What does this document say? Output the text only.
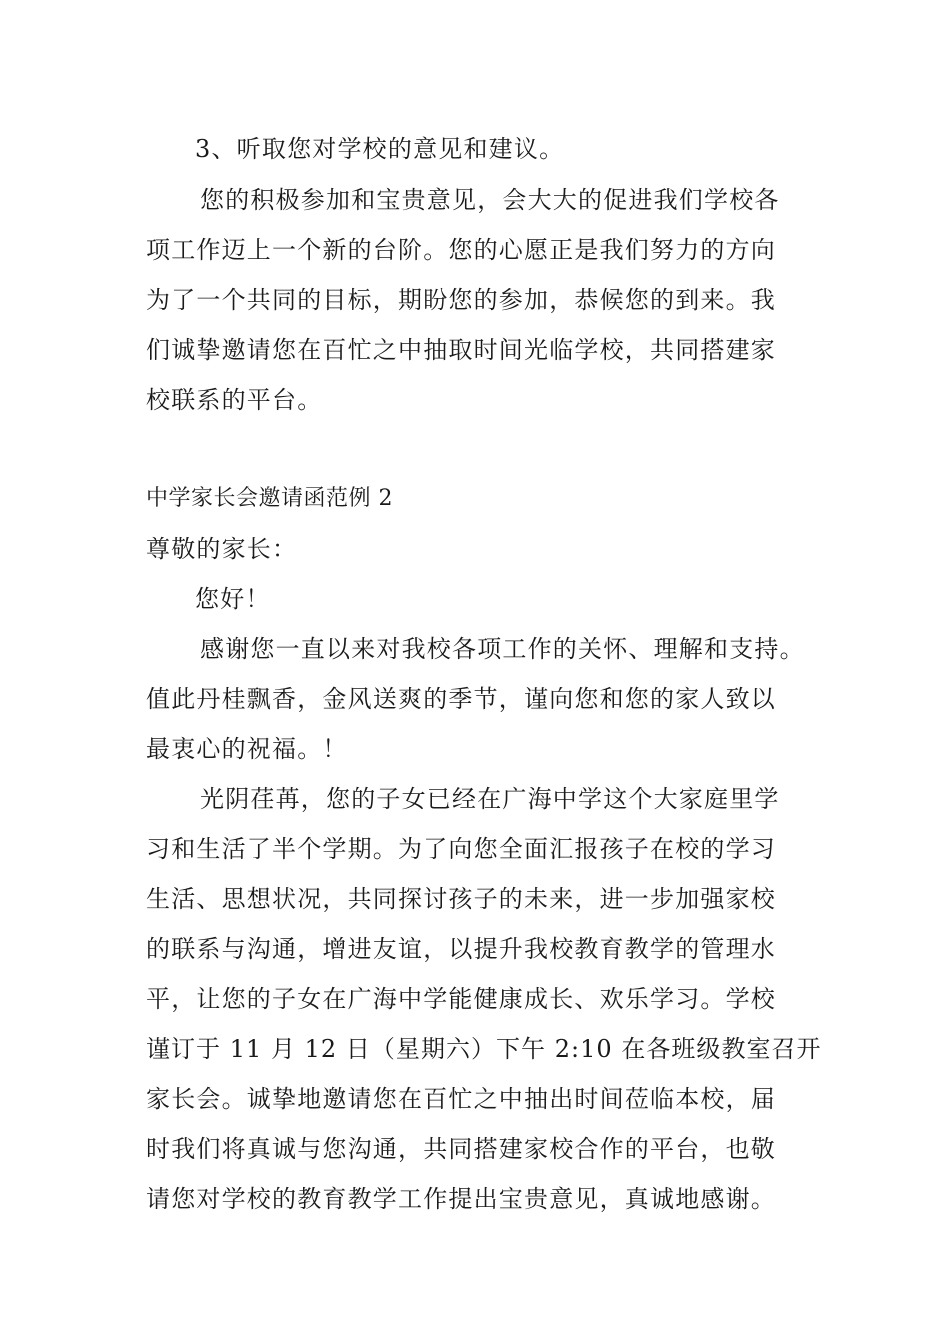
3、听取您对学校的意见和建议。
您的积极参加和宝贵意见，会大大的促进我们学校各
项工作迈上一个新的台阶。您的心愿正是我们努力的方向
为了一个共同的目标，期盼您的参加，恭候您的到来。我
们诚挚邀请您在百忙之中抽取时间光临学校，共同搭建家
校联系的平台。
中学家长会邀请函范例 2
尊敬的家长：
您好！
感谢您一直以来对我校各项工作的关怀、理解和支持。
值此丹桂飘香，金风送爽的季节，谨向您和您的家人致以
最衷心的祝福。！
光阴荏苒，您的子女已经在广海中学这个大家庭里学
习和生活了半个学期。为了向您全面汇报孩子在校的学习
生活、思想状况，共同探讨孩子的未来，进一步加强家校
的联系与沟通，增进友谊，以提升我校教育教学的管理水
平，让您的子女在广海中学能健康成长、欢乐学习。学校
谨订于 11 月 12 日（星期六）下午 2:10 在各班级教室召开
家长会。诚挚地邀请您在百忙之中抽出时间莅临本校，届
时我们将真诚与您沟通，共同搭建家校合作的平台，也敬
请您对学校的教育教学工作提出宝贵意见，真诚地感谢。
